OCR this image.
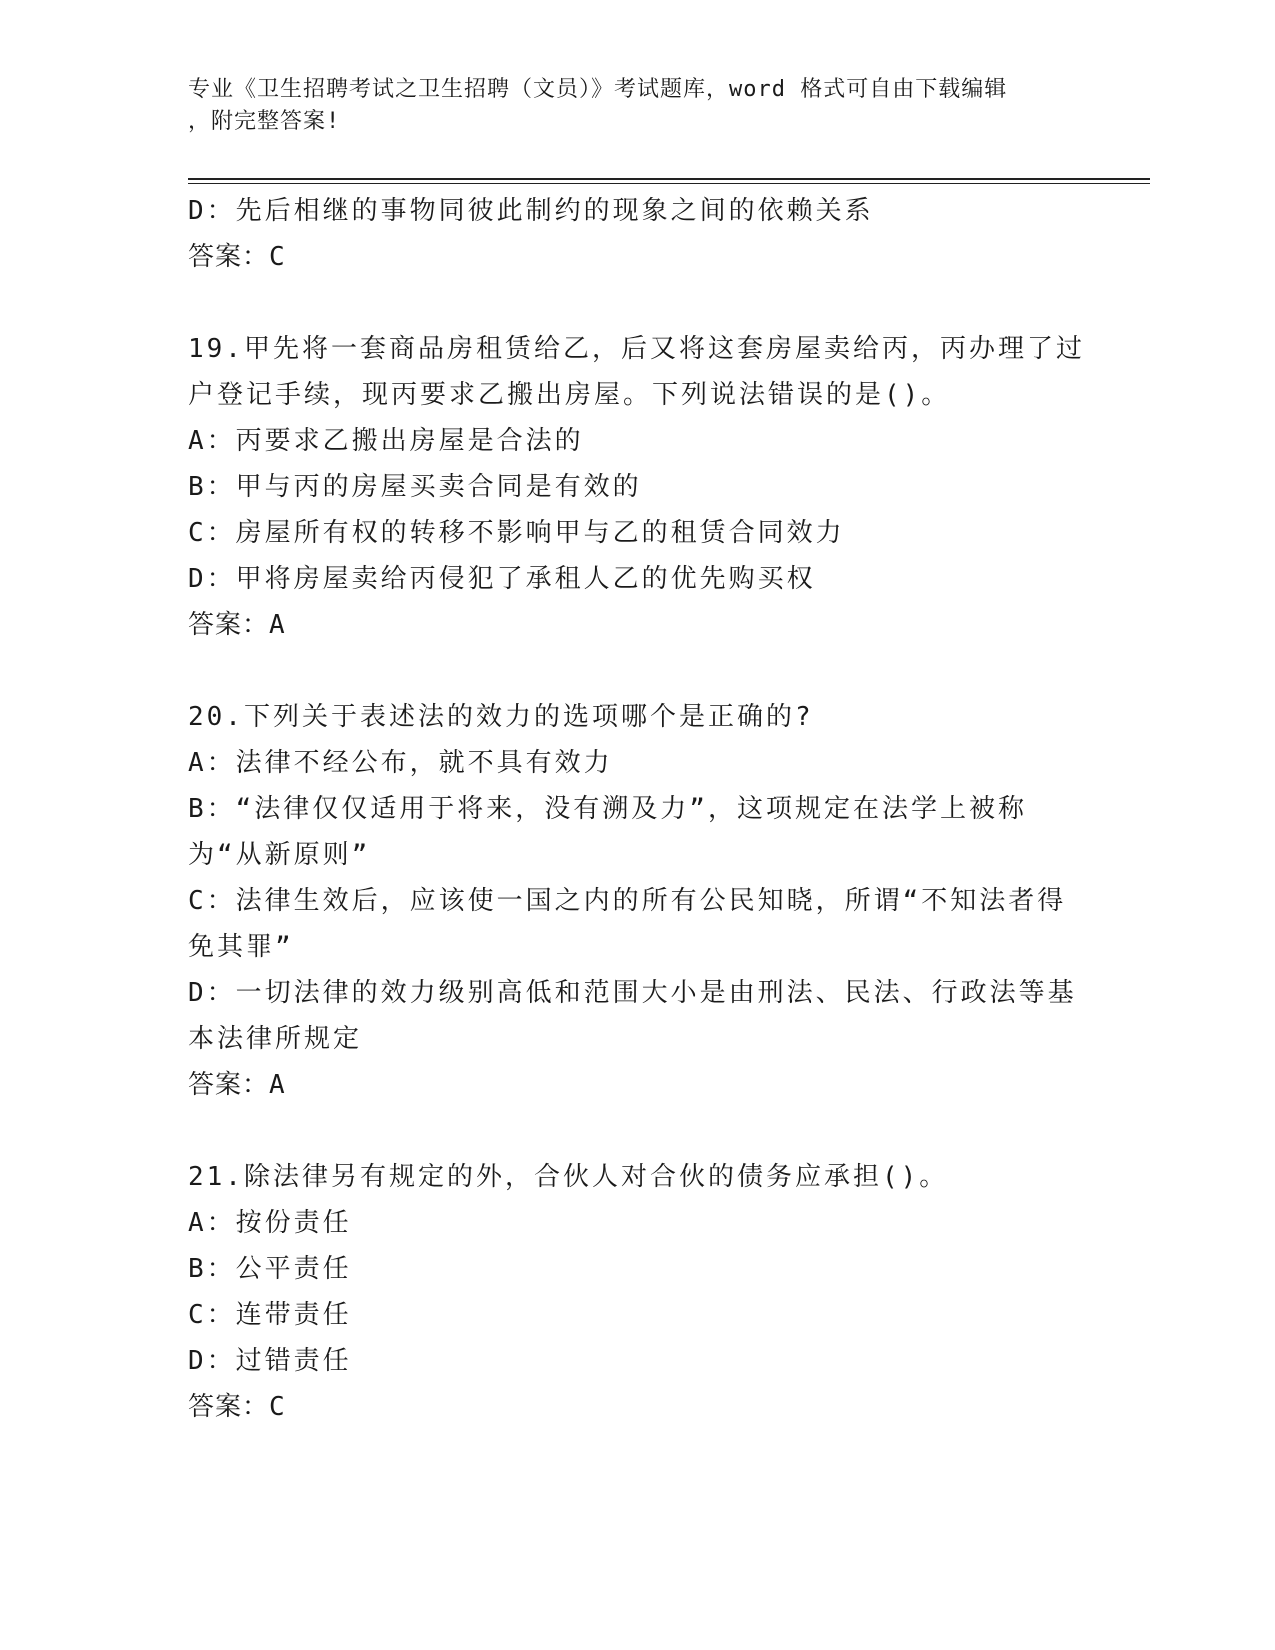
专业《卫生招聘考试之卫生招聘（文员）》考试题库，word 格式可自由下载编辑
，附完整答案!

D：先后相继的事物同彼此制约的现象之间的依赖关系

答案：C

19.甲先将一套商品房租赁给乙，后又将这套房屋卖给丙，丙办理了过户登记手续，现丙要求乙搬出房屋。下列说法错误的是()。

A：丙要求乙搬出房屋是合法的

B：甲与丙的房屋买卖合同是有效的

C：房屋所有权的转移不影响甲与乙的租赁合同效力

D：甲将房屋卖给丙侵犯了承租人乙的优先购买权

答案：A

20.下列关于表述法的效力的选项哪个是正确的?

A：法律不经公布，就不具有效力

B：“法律仅仅适用于将来，没有溯及力”，这项规定在法学上被称为“从新原则”

C：法律生效后，应该使一国之内的所有公民知晓，所谓“不知法者得免其罪”

D：一切法律的效力级别高低和范围大小是由刑法、民法、行政法等基本法律所规定

答案：A

21.除法律另有规定的外，合伙人对合伙的债务应承担()。

A：按份责任

B：公平责任

C：连带责任

D：过错责任

答案：C
